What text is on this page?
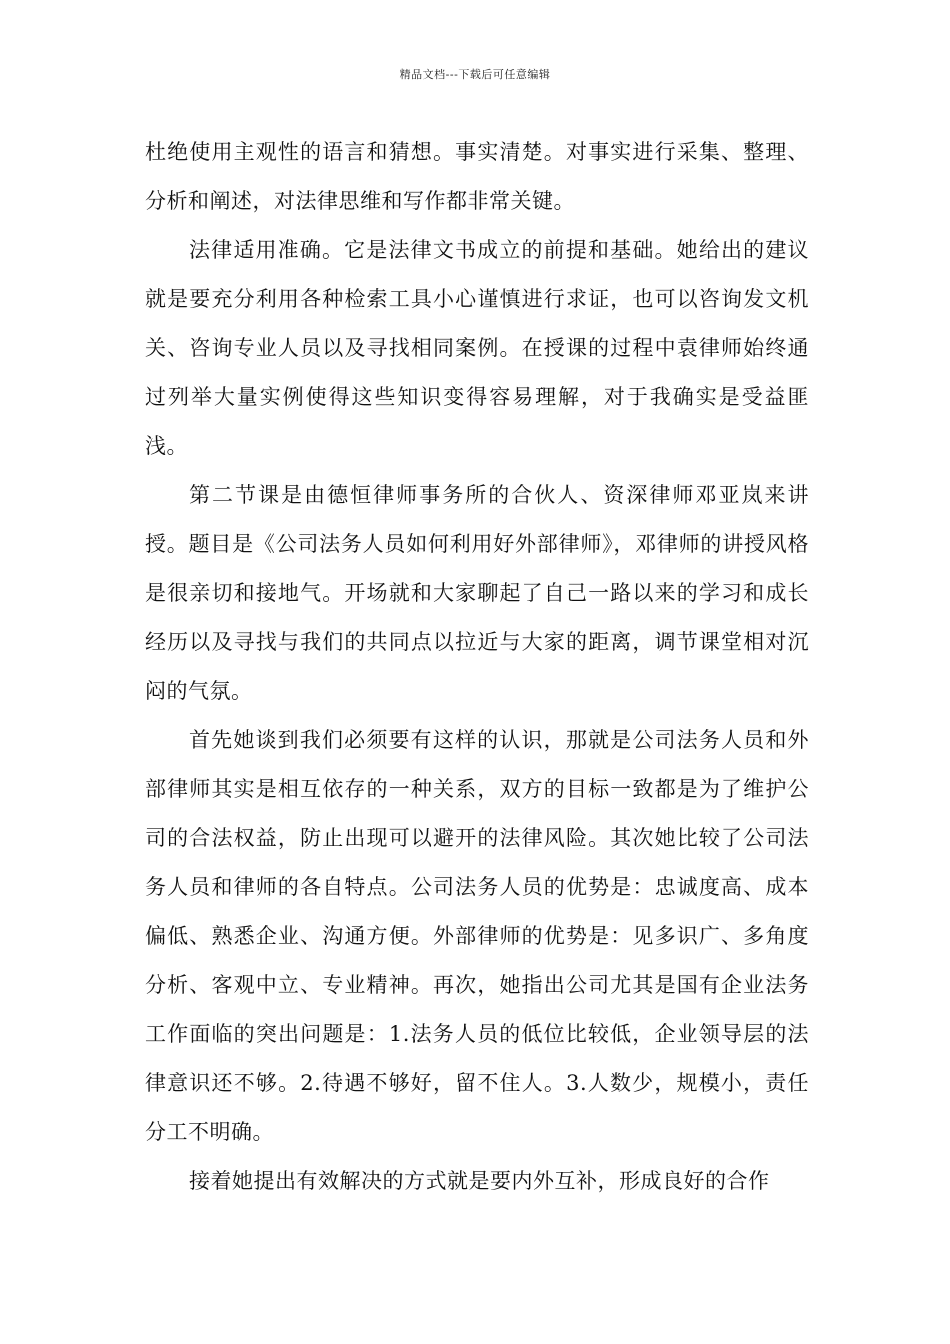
精品文档---下载后可任意编辑

杜绝使用主观性的语言和猜想。事实清楚。对事实进行采集、整理、分析和阐述，对法律思维和写作都非常关键。

法律适用准确。它是法律文书成立的前提和基础。她给出的建议就是要充分利用各种检索工具小心谨慎进行求证，也可以咨询发文机关、咨询专业人员以及寻找相同案例。在授课的过程中袁律师始终通过列举大量实例使得这些知识变得容易理解，对于我确实是受益匪浅。

第二节课是由德恒律师事务所的合伙人、资深律师邓亚岚来讲授。题目是《公司法务人员如何利用好外部律师》，邓律师的讲授风格是很亲切和接地气。开场就和大家聊起了自己一路以来的学习和成长经历以及寻找与我们的共同点以拉近与大家的距离，调节课堂相对沉闷的气氛。

首先她谈到我们必须要有这样的认识，那就是公司法务人员和外部律师其实是相互依存的一种关系，双方的目标一致都是为了维护公司的合法权益，防止出现可以避开的法律风险。其次她比较了公司法务人员和律师的各自特点。公司法务人员的优势是：忠诚度高、成本偏低、熟悉企业、沟通方便。外部律师的优势是：见多识广、多角度分析、客观中立、专业精神。再次，她指出公司尤其是国有企业法务工作面临的突出问题是：1.法务人员的低位比较低，企业领导层的法律意识还不够。2.待遇不够好，留不住人。3.人数少，规模小，责任分工不明确。

接着她提出有效解决的方式就是要内外互补，形成良好的合作
